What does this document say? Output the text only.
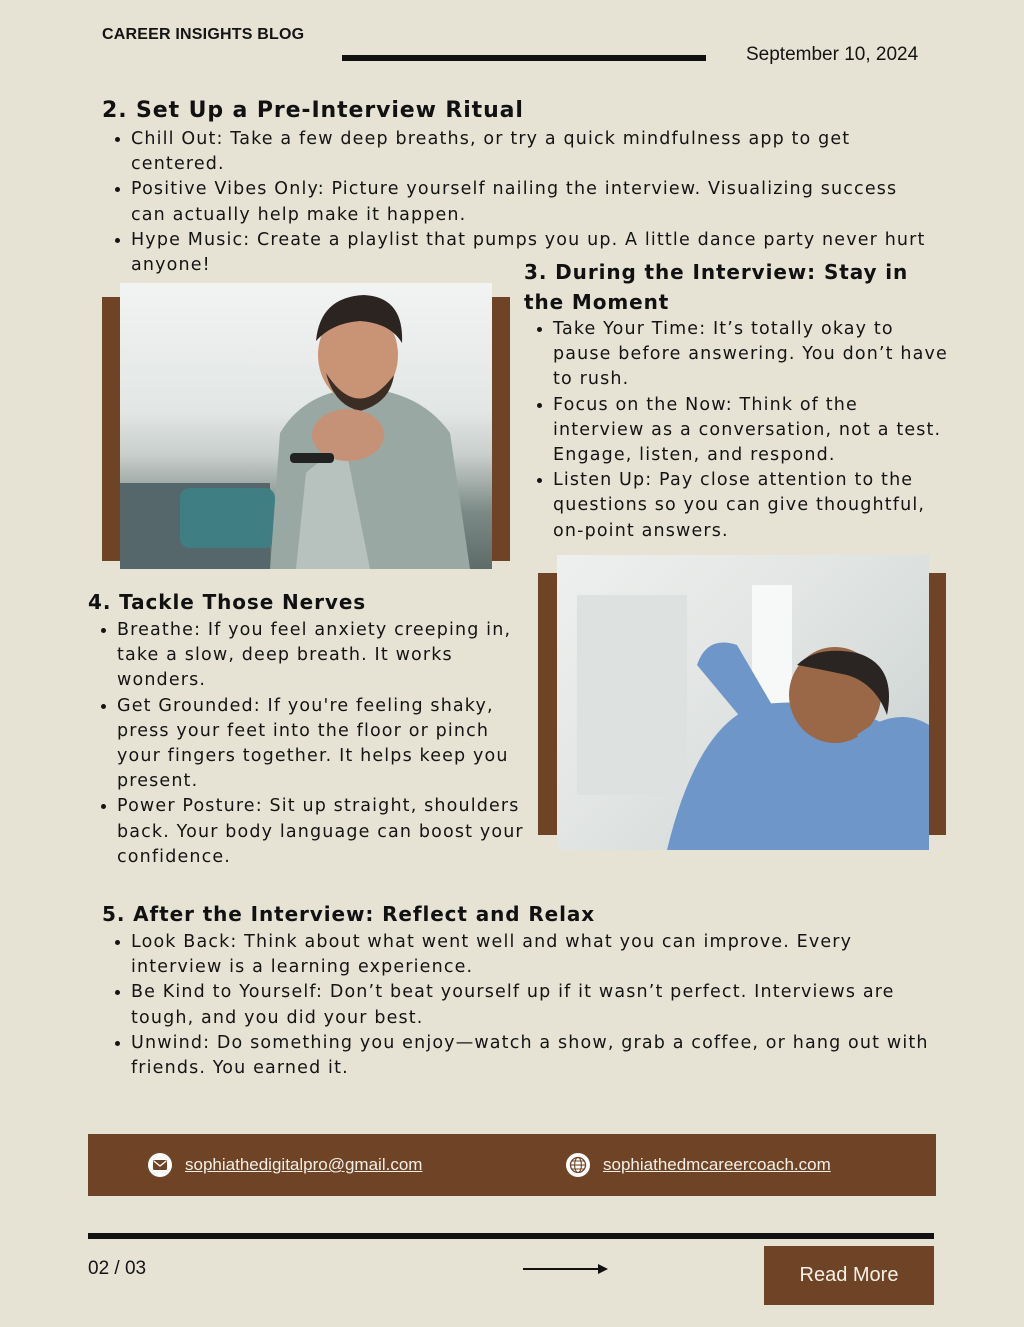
CAREER INSIGHTS BLOG
September 10, 2024
2. Set Up a Pre-Interview Ritual
• Chill Out: Take a few deep breaths, or try a quick mindfulness app to get centered.
• Positive Vibes Only: Picture yourself nailing the interview. Visualizing success can actually help make it happen.
• Hype Music: Create a playlist that pumps you up. A little dance party never hurt anyone!	3. During the Interview: Stay in the Moment
• Take Your Time: It’s totally okay to pause before answering. You don’t have to rush.
• Focus on the Now: Think of the interview as a conversation, not a test. Engage, listen, and respond.
• Listen Up: Pay close attention to the questions so you can give thoughtful, on-point answers.
4. Tackle Those Nerves
• Breathe: If you feel anxiety creeping in, take a slow, deep breath. It works wonders.
• Get Grounded: If you're feeling shaky, press your feet into the floor or pinch your fingers together. It helps keep you present.
• Power Posture: Sit up straight, shoulders back. Your body language can boost your confidence.
5. After the Interview: Reflect and Relax
• Look Back: Think about what went well and what you can improve. Every interview is a learning experience.
• Be Kind to Yourself: Don’t beat yourself up if it wasn’t perfect. Interviews are tough, and you did your best.
• Unwind: Do something you enjoy—watch a show, grab a coffee, or hang out with friends. You earned it.
sophiathedigitalpro@gmail.com	sophiathedmcareercoach.com
02 / 03	Read More
